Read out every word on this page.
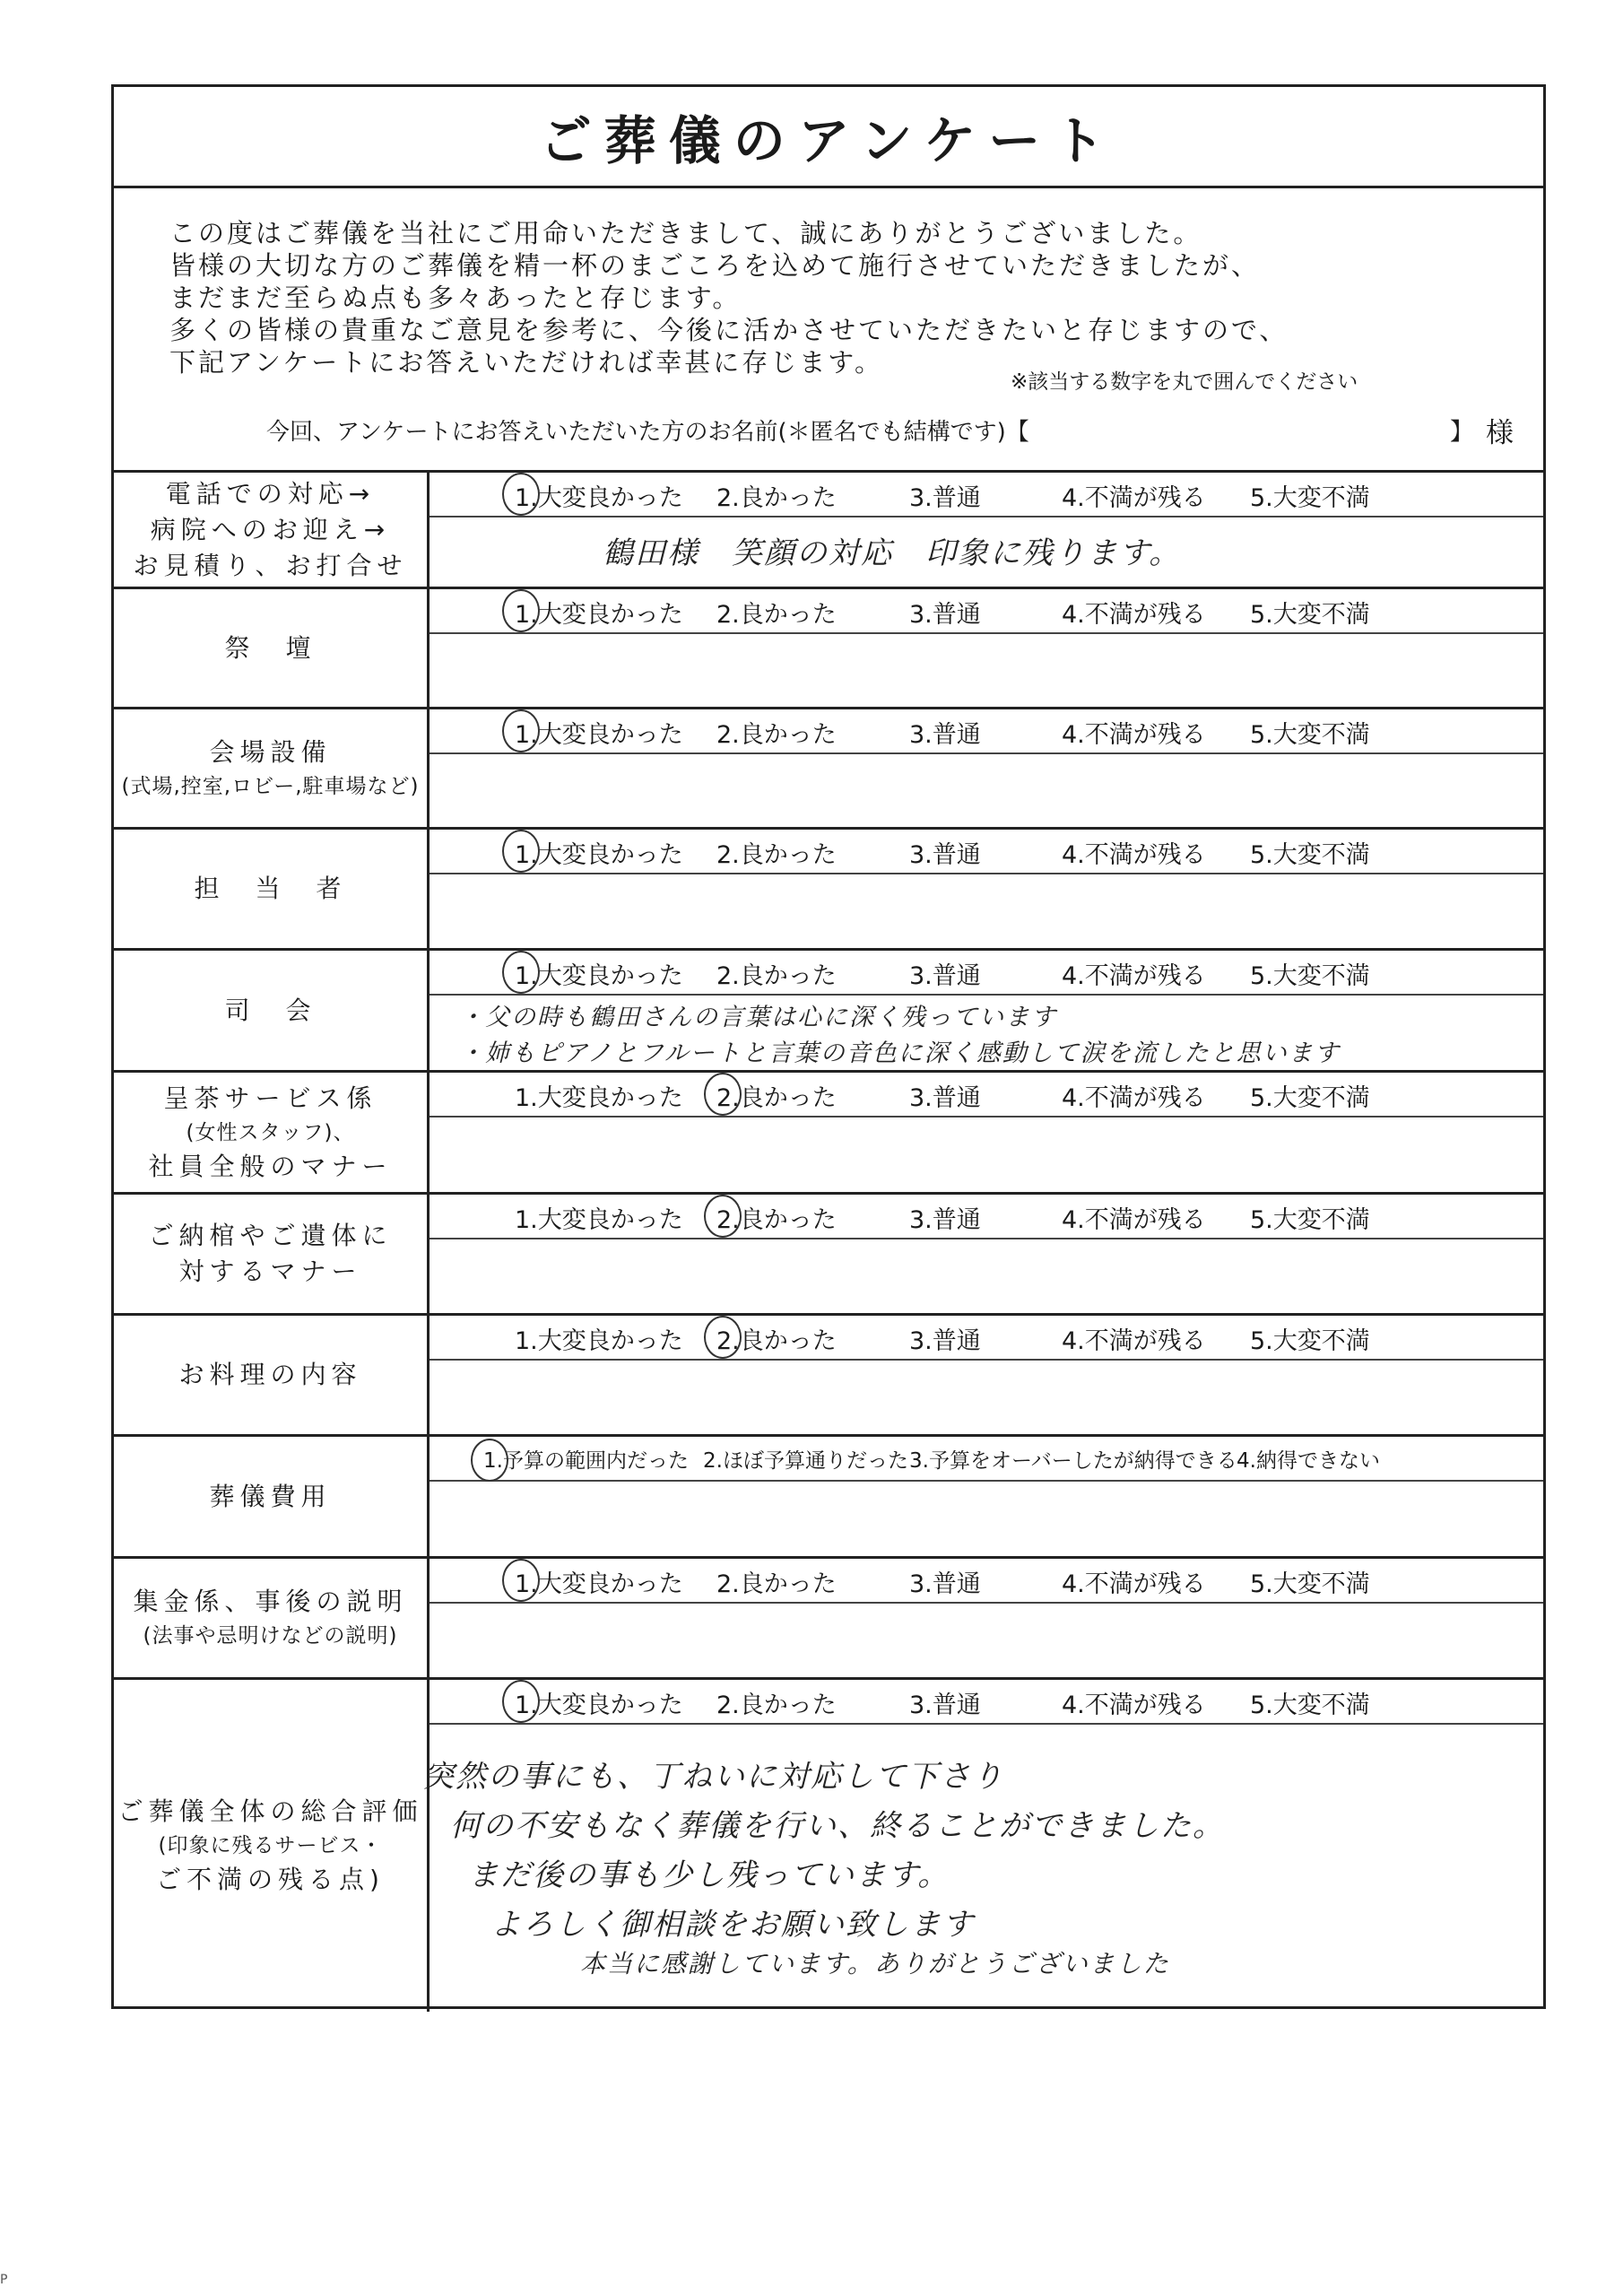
ご葬儀のアンケート
この度はご葬儀を当社にご用命いただきまして、誠にありがとうございました。
皆様の大切な方のご葬儀を精一杯のまごころを込めて施行させていただきましたが、
まだまだ至らぬ点も多々あったと存じます。
多くの皆様の貴重なご意見を参考に、今後に活かさせていただきたいと存じますので、
下記アンケートにお答えいただければ幸甚に存じます。
※該当する数字を丸で囲んでください
今回、アンケートにお答えいただいた方のお名前(＊匿名でも結構です)【	】 様
電話での対応→
病院へのお迎え→
お見積り、お打合せ
1.大変良かった 2.良かった	3.普通	4.不満が残る 5.大変不満
鶴田様　笑顔の対応　印象に残ります。
祭　壇
1.大変良かった 2.良かった	3.普通	4.不満が残る 5.大変不満
会場設備
(式場,控室,ロビー,駐車場など)
1.大変良かった 2.良かった	3.普通	4.不満が残る 5.大変不満
担　当　者
1.大変良かった 2.良かった	3.普通	4.不満が残る 5.大変不満
司　会
1.大変良かった 2.良かった	3.普通	4.不満が残る 5.大変不満
・父の時も鶴田さんの言葉は心に深く残っています
・姉もピアノとフルートと言葉の音色に深く感動して涙を流したと思います
呈茶サービス係
(女性スタッフ)、
社員全般のマナー
1.大変良かった 2.良かった	3.普通	4.不満が残る 5.大変不満
ご納棺やご遺体に
対するマナー
1.大変良かった 2.良かった	3.普通	4.不満が残る 5.大変不満
お料理の内容
1.大変良かった 2.良かった	3.普通	4.不満が残る 5.大変不満
葬儀費用
1.予算の範囲内だった 2.ほぼ予算通りだった 3.予算をオーバーしたが納得できる 4.納得できない
集金係、事後の説明
(法事や忌明けなどの説明)
1.大変良かった 2.良かった	3.普通	4.不満が残る 5.大変不満
ご葬儀全体の総合評価
(印象に残るサービス・
ご不満の残る点)
1.大変良かった 2.良かった	3.普通	4.不満が残る 5.大変不満
突然の事にも、丁ねいに対応して下さり
何の不安もなく葬儀を行い、終ることができました。
まだ後の事も少し残っています。
よろしく御相談をお願い致します
本当に感謝しています。ありがとうございました
P
